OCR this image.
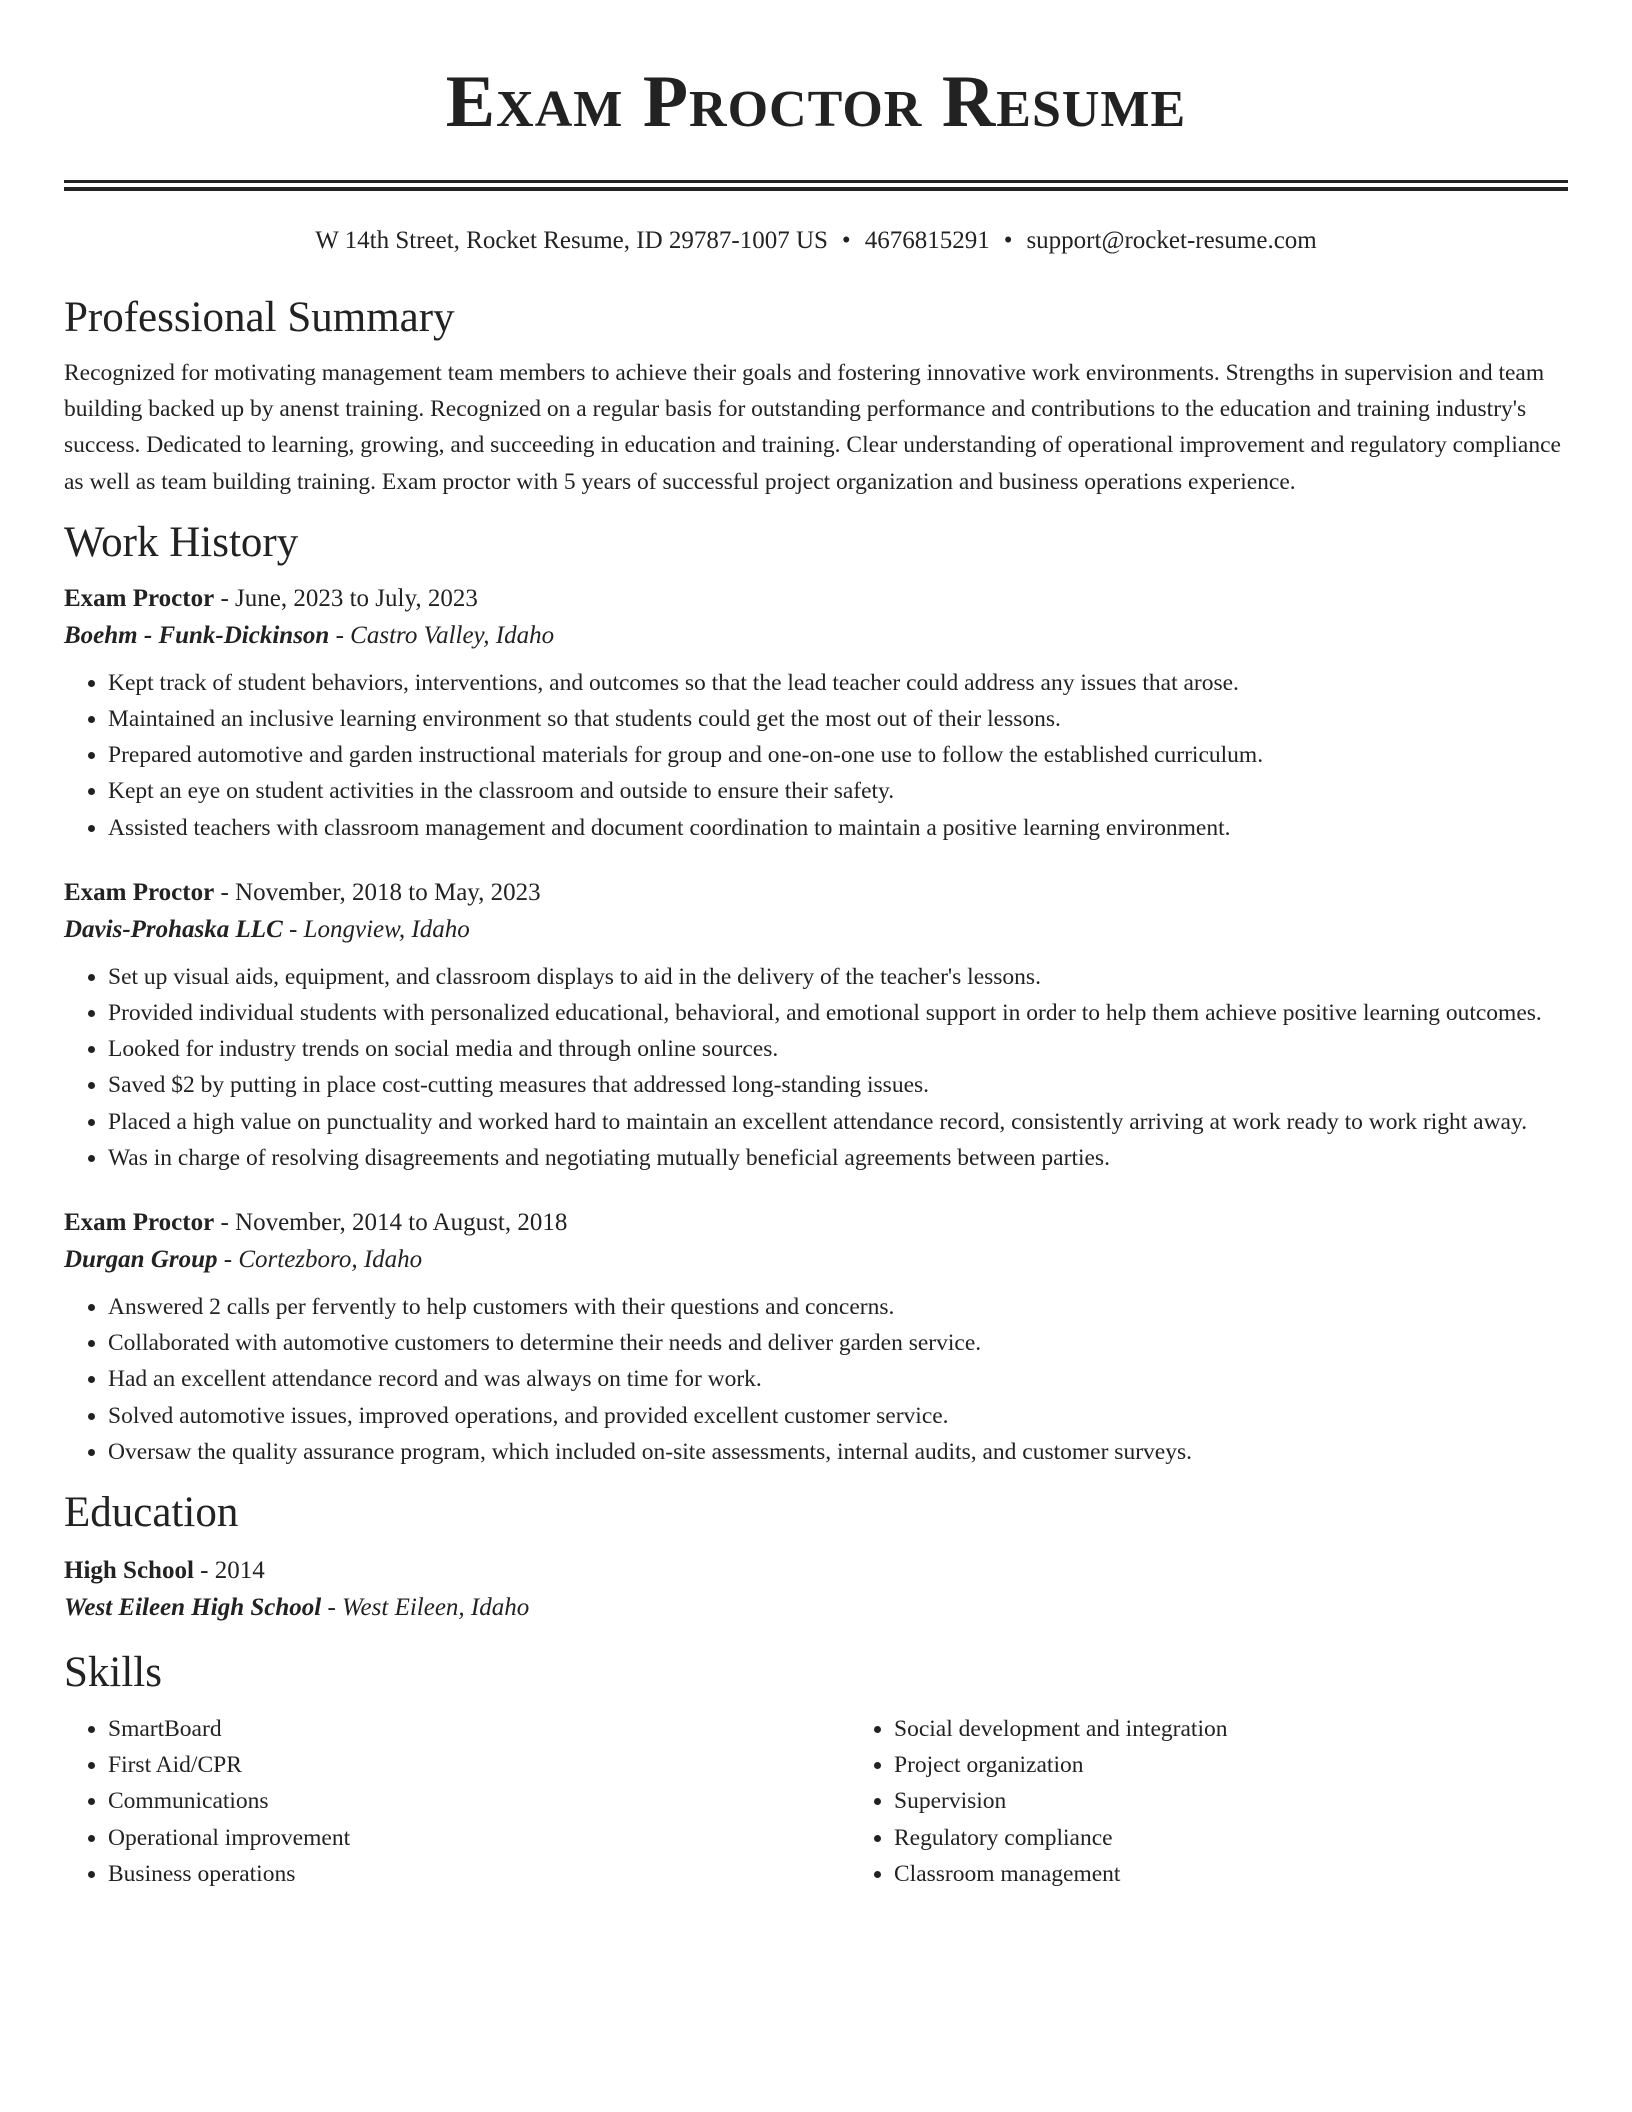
Exam Proctor Resume
W 14th Street, Rocket Resume, ID 29787-1007 US • 4676815291 • support@rocket-resume.com
Professional Summary

Recognized for motivating management team members to achieve their goals and fostering innovative work environments. Strengths in supervision and team building backed up by anenst training. Recognized on a regular basis for outstanding performance and contributions to the education and training industry's success. Dedicated to learning, growing, and succeeding in education and training. Clear understanding of operational improvement and regulatory compliance as well as team building training. Exam proctor with 5 years of successful project organization and business operations experience.

Work History

Exam Proctor - June, 2023 to July, 2023

Boehm - Funk-Dickinson - Castro Valley, Idaho

• Kept track of student behaviors, interventions, and outcomes so that the lead teacher could address any issues that arose.
• Maintained an inclusive learning environment so that students could get the most out of their lessons.
• Prepared automotive and garden instructional materials for group and one-on-one use to follow the established curriculum.
• Kept an eye on student activities in the classroom and outside to ensure their safety.
• Assisted teachers with classroom management and document coordination to maintain a positive learning environment.

Exam Proctor - November, 2018 to May, 2023

Davis-Prohaska LLC - Longview, Idaho

• Set up visual aids, equipment, and classroom displays to aid in the delivery of the teacher's lessons.
• Provided individual students with personalized educational, behavioral, and emotional support in order to help them achieve positive learning outcomes.
• Looked for industry trends on social media and through online sources.
• Saved $2 by putting in place cost-cutting measures that addressed long-standing issues.
• Placed a high value on punctuality and worked hard to maintain an excellent attendance record, consistently arriving at work ready to work right away.
• Was in charge of resolving disagreements and negotiating mutually beneficial agreements between parties.

Exam Proctor - November, 2014 to August, 2018

Durgan Group - Cortezboro, Idaho

• Answered 2 calls per fervently to help customers with their questions and concerns.
• Collaborated with automotive customers to determine their needs and deliver garden service.
• Had an excellent attendance record and was always on time for work.
• Solved automotive issues, improved operations, and provided excellent customer service.
• Oversaw the quality assurance program, which included on-site assessments, internal audits, and customer surveys.
Education

High School - 2014

West Eileen High School - West Eileen, Idaho

Skills
• SmartBoard
• First Aid/CPR
• Communications
• Operational improvement
• Business operations
• Social development and integration
• Project organization
• Supervision
• Regulatory compliance
• Classroom management
